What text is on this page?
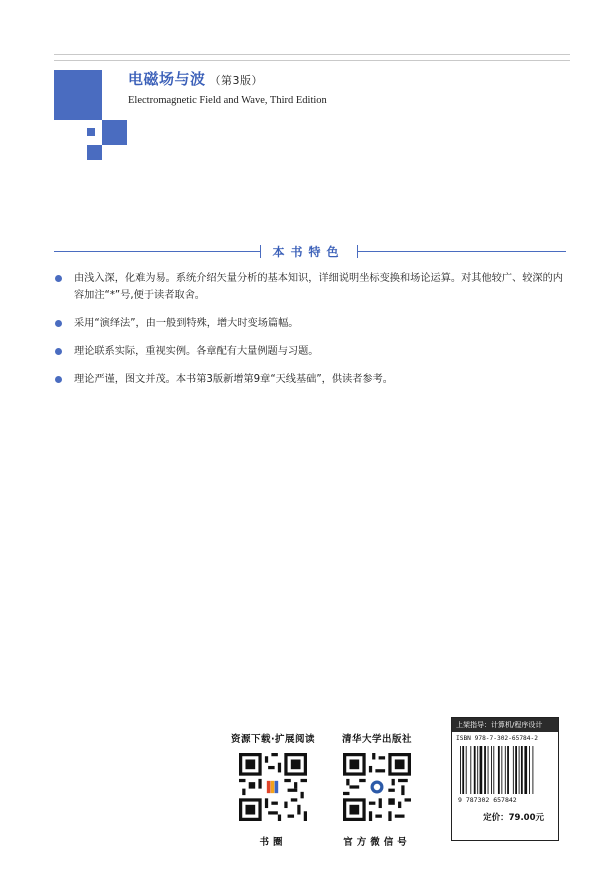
电磁场与波 （第3版）
Electromagnetic Field and Wave, Third Edition
本书特色
由浅入深，化难为易。系统介绍矢量分析的基本知识，详细说明坐标变换和场论运算。对其他较广、较深的内容加注“*”号,便于读者取舍。
采用“演绎法”，由一般到特殊，增大时变场篇幅。
理论联系实际，重视实例。各章配有大量例题与习题。
理论严谨，图文并茂。本书第3版新增第9章“天线基础”，供读者参考。
资源下载·扩展阅读
书圈
清华大学出版社
官方微信号
上架指导：计算机/程序设计
ISBN 978-7-302-65784-2
9 787302 657842
定价：79.00元
